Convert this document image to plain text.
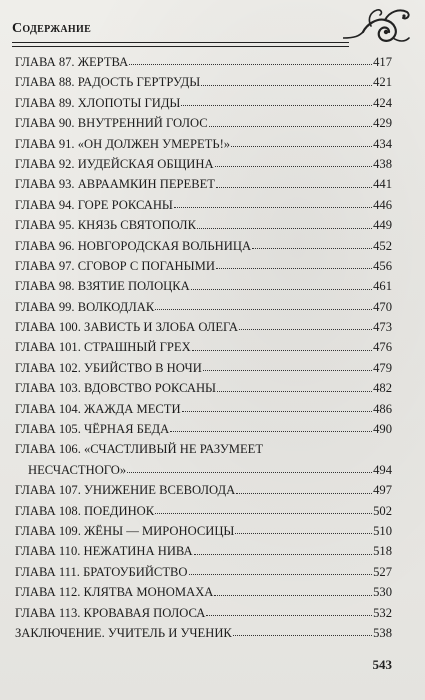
Содержание
ГЛАВА 87. ЖЕРТВА	417
ГЛАВА 88. РАДОСТЬ ГЕРТРУДЫ	421
ГЛАВА 89. ХЛОПОТЫ ГИДЫ	424
ГЛАВА 90. ВНУТРЕННИЙ ГОЛОС	429
ГЛАВА 91. «ОН ДОЛЖЕН УМЕРЕТЬ!»	434
ГЛАВА 92. ИУДЕЙСКАЯ ОБЩИНА	438
ГЛАВА 93. АВРААМКИН ПЕРЕВЕТ	441
ГЛАВА 94. ГОРЕ РОКСАНЫ	446
ГЛАВА 95. КНЯЗЬ СВЯТОПОЛК	449
ГЛАВА 96. НОВГОРОДСКАЯ ВОЛЬНИЦА	452
ГЛАВА 97. СГОВОР С ПОГАНЫМИ	456
ГЛАВА 98. ВЗЯТИЕ ПОЛОЦКА	461
ГЛАВА 99. ВОЛКОДЛАК	470
ГЛАВА 100. ЗАВИСТЬ И ЗЛОБА ОЛЕГА	473
ГЛАВА 101. СТРАШНЫЙ ГРЕХ	476
ГЛАВА 102. УБИЙСТВО В НОЧИ	479
ГЛАВА 103. ВДОВСТВО РОКСАНЫ	482
ГЛАВА 104. ЖАЖДА МЕСТИ	486
ГЛАВА 105. ЧЁРНАЯ БЕДА	490
ГЛАВА 106. «СЧАСТЛИВЫЙ НЕ РАЗУМЕЕТ
НЕСЧАСТНОГО»	494
ГЛАВА 107. УНИЖЕНИЕ ВСЕВОЛОДА	497
ГЛАВА 108. ПОЕДИНОК	502
ГЛАВА 109. ЖЁНЫ — МИРОНОСИЦЫ	510
ГЛАВА 110. НЕЖАТИНА НИВА	518
ГЛАВА 111. БРАТОУБИЙСТВО	527
ГЛАВА 112. КЛЯТВА МОНОМАХА	530
ГЛАВА 113. КРОВАВАЯ ПОЛОСА	532
ЗАКЛЮЧЕНИЕ. УЧИТЕЛЬ И УЧЕНИК	538
543
